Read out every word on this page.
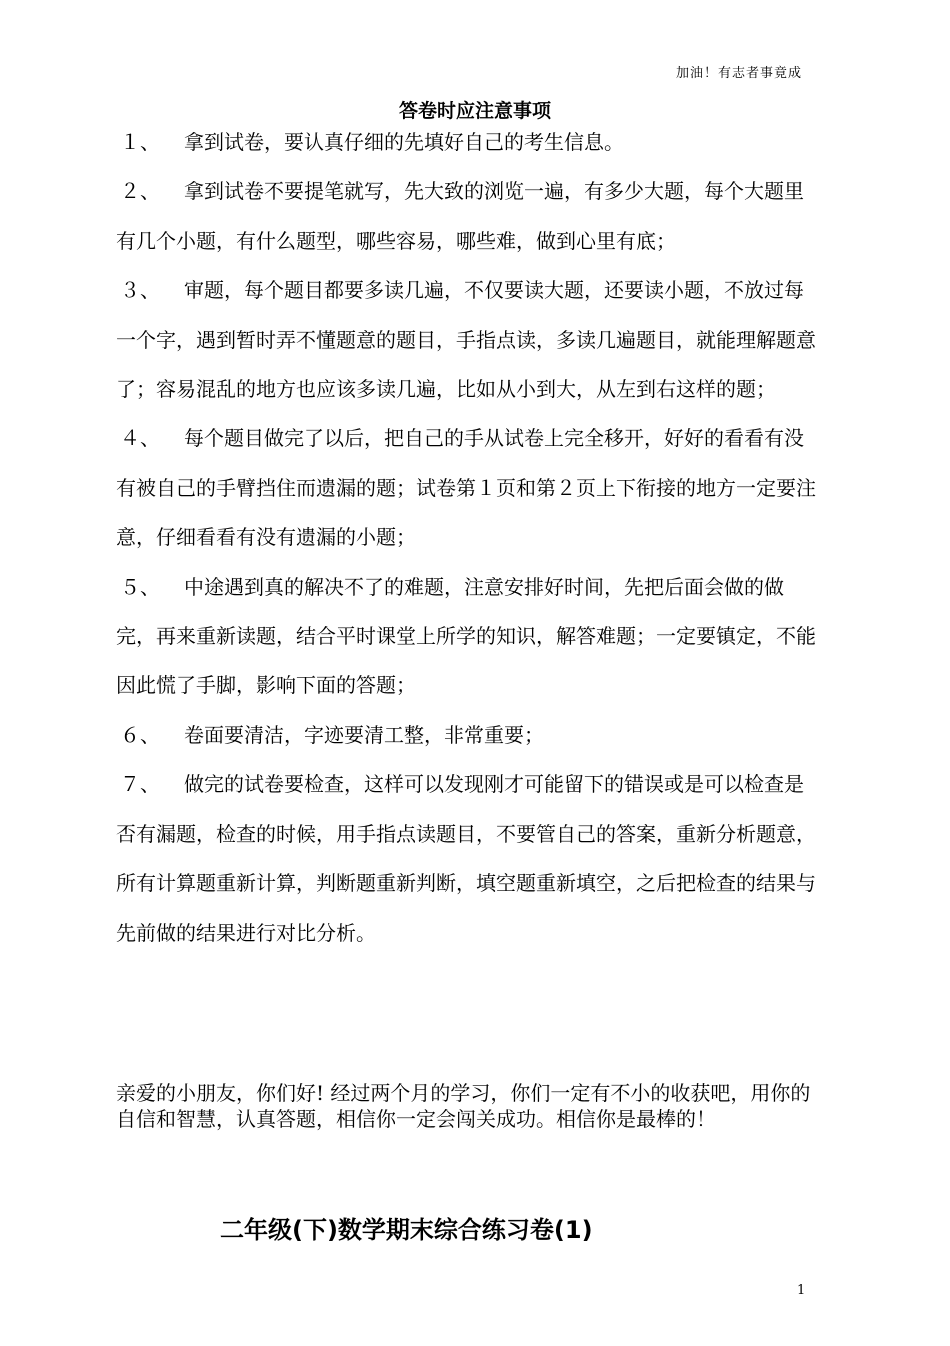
加油！有志者事竟成
答卷时应注意事项

１、 拿到试卷，要认真仔细的先填好自己的考生信息。

２、 拿到试卷不要提笔就写，先大致的浏览一遍，有多少大题，每个大题里有几个小题，有什么题型，哪些容易，哪些难，做到心里有底；

３、 审题，每个题目都要多读几遍，不仅要读大题，还要读小题，不放过每一个字，遇到暂时弄不懂题意的题目，手指点读，多读几遍题目，就能理解题意了；容易混乱的地方也应该多读几遍，比如从小到大，从左到右这样的题；

４、 每个题目做完了以后，把自己的手从试卷上完全移开，好好的看看有没有被自己的手臂挡住而遗漏的题；试卷第１页和第２页上下衔接的地方一定要注意，仔细看看有没有遗漏的小题；

５、 中途遇到真的解决不了的难题，注意安排好时间，先把后面会做的做完，再来重新读题，结合平时课堂上所学的知识，解答难题；一定要镇定，不能因此慌了手脚，影响下面的答题；

６、 卷面要清洁，字迹要清工整，非常重要；

７、 做完的试卷要检查，这样可以发现刚才可能留下的错误或是可以检查是否有漏题，检查的时候，用手指点读题目，不要管自己的答案，重新分析题意，所有计算题重新计算，判断题重新判断，填空题重新填空，之后把检查的结果与先前做的结果进行对比分析。

亲爱的小朋友，你们好! 经过两个月的学习，你们一定有不小的收获吧，用你的自信和智慧，认真答题，相信你一定会闯关成功。相信你是最棒的！

二年级(下)数学期末综合练习卷(1)
1
